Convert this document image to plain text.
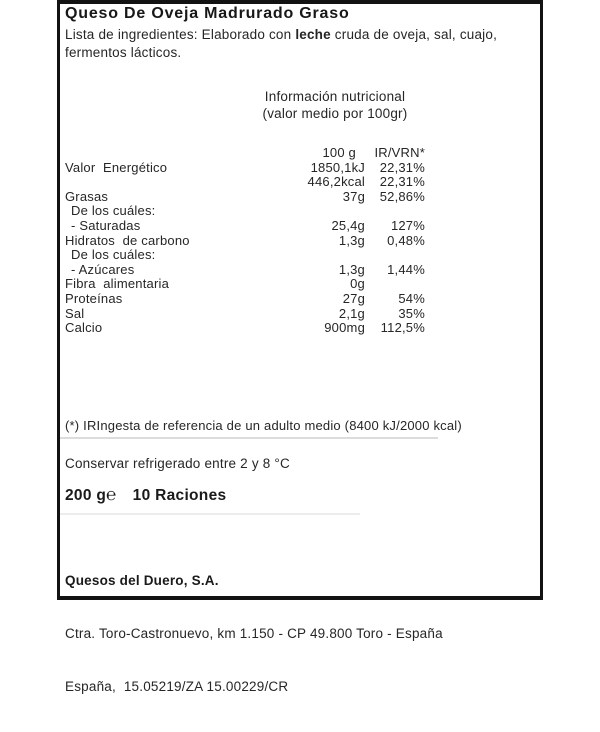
Queso De Oveja Madrurado Graso
Lista de ingredientes: Elaborado con leche cruda de oveja, sal, cuajo, fermentos lácticos.
Información nutricional
(valor medio por 100gr)
	100 g	IR/VRN*
Valor  Energético	1850,1kJ	22,31%
	446,2kcal	22,31%
Grasas	37g	52,86%
De los cuáles:		
- Saturadas	25,4g	127%
Hidratos  de carbono	1,3g	0,48%
De los cuáles:		
- Azúcares	1,3g	1,44%
Fibra  alimentaria	0g	
Proteínas	27g	54%
Sal	2,1g	35%
Calcio	900mg	112,5%
(*) IRIngesta de referencia de un adulto medio (8400 kJ/2000 kcal)
Conservar refrigerado entre 2 y 8 °C
200 g℮ 10 Raciones

Quesos del Duero, S.A.

Ctra. Toro-Castronuevo, km 1.150 - CP 49.800 Toro - España

España,  15.05219/ZA 15.00229/CR
